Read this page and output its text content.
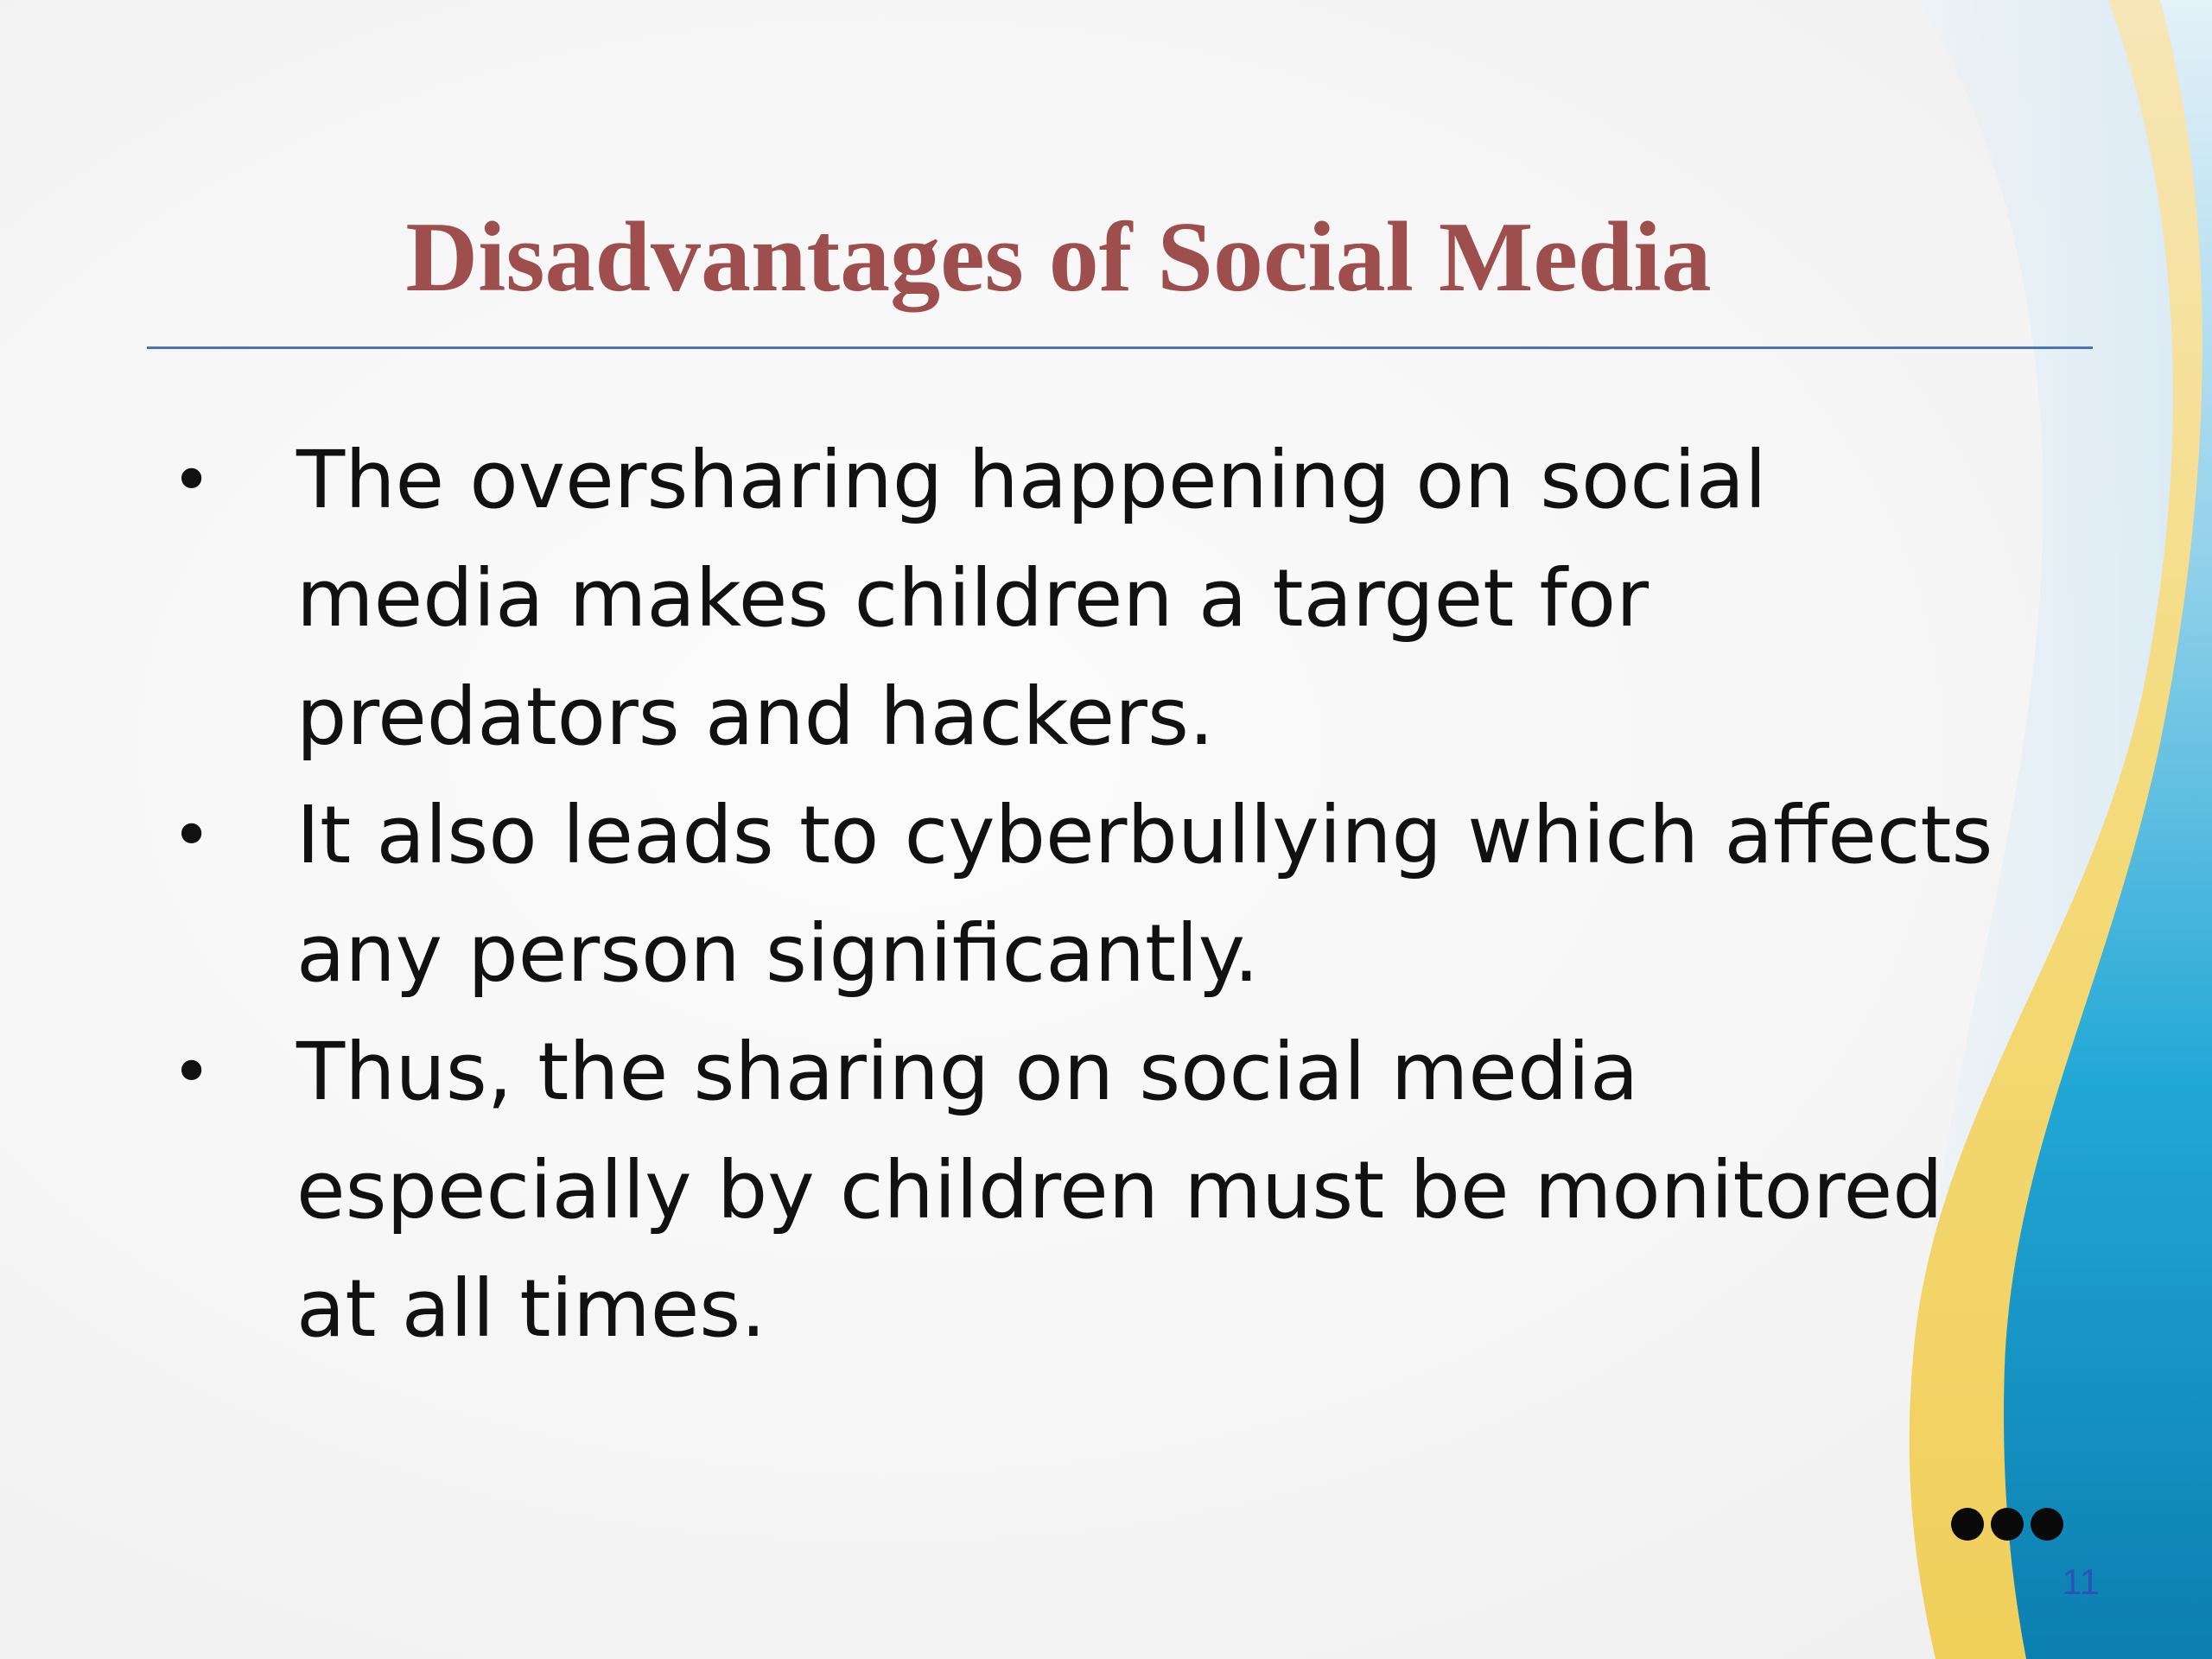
Disadvantages of Social Media
• The oversharing happening on social media makes children a target for predators and hackers.
• It also leads to cyberbullying which affects any person significantly.
• Thus, the sharing on social media especially by children must be monitored at all times.
11
